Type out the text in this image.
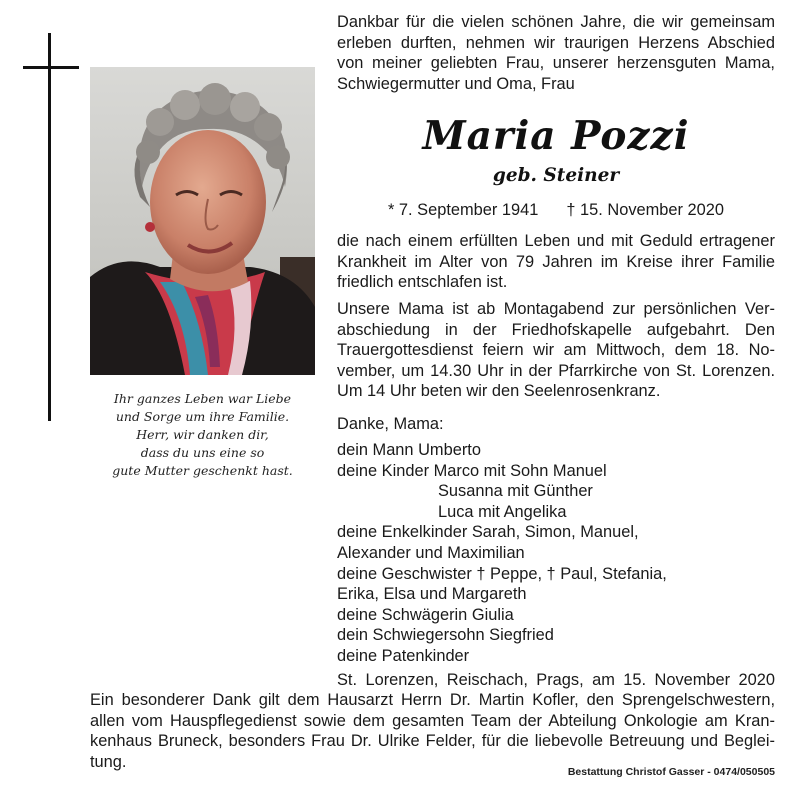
Ihr ganzes Leben war Liebe
und Sorge um ihre Familie.
Herr, wir danken dir,
dass du uns eine so
gute Mutter geschenkt hast.
Dankbar für die vielen schönen Jahre, die wir gemeinsam
erleben durften, nehmen wir traurigen Herzens Abschied
von meiner geliebten Frau, unserer herzensguten Mama,
Schwiegermutter und Oma, Frau
Maria Pozzi
geb. Steiner
* 7. September 1941 † 15. November 2020
die nach einem erfüllten Leben und mit Geduld ertragener
Krankheit im Alter von 79 Jahren im Kreise ihrer Familie
friedlich entschlafen ist.
Unsere Mama ist ab Montagabend zur persönlichen Ver-
abschiedung in der Friedhofskapelle aufgebahrt. Den
Trauergottesdienst feiern wir am Mittwoch, dem 18. No-
vember, um 14.30 Uhr in der Pfarrkirche von St. Lorenzen.
Um 14 Uhr beten wir den Seelenrosenkranz.
Danke, Mama:
dein Mann Umberto
deine Kinder Marco mit Sohn Manuel
Susanna mit Günther
Luca mit Angelika
deine Enkelkinder Sarah, Simon, Manuel,
Alexander und Maximilian
deine Geschwister † Peppe, † Paul, Stefania,
Erika, Elsa und Margareth
deine Schwägerin Giulia
dein Schwiegersohn Siegfried
deine Patenkinder
St. Lorenzen, Reischach, Prags, am 15. November 2020
Ein besonderer Dank gilt dem Hausarzt Herrn Dr. Martin Kofler, den Sprengelschwestern,
allen vom Hauspflegedienst sowie dem gesamten Team der Abteilung Onkologie am Kran-
kenhaus Bruneck, besonders Frau Dr. Ulrike Felder, für die liebevolle Betreuung und Beglei-
tung.
Bestattung Christof Gasser - 0474/050505
